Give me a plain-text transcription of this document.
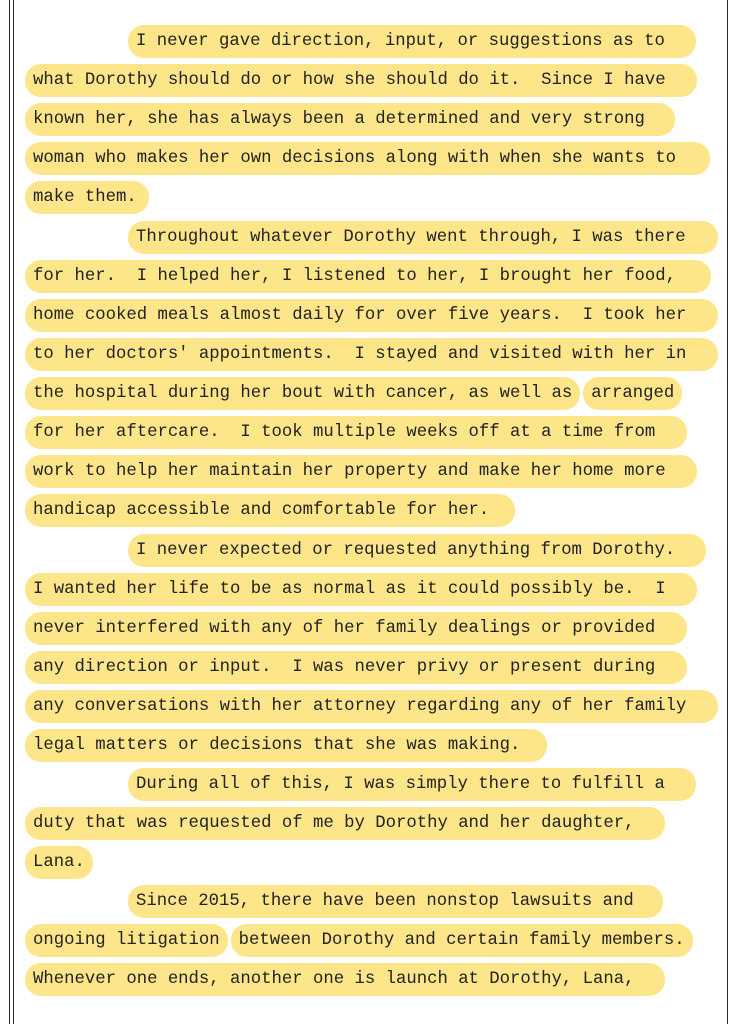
I never gave direction, input, or suggestions as to
what Dorothy should do or how she should do it.  Since I have
known her, she has always been a determined and very strong
woman who makes her own decisions along with when she wants to
make them.
Throughout whatever Dorothy went through, I was there
for her.  I helped her, I listened to her, I brought her food,
home cooked meals almost daily for over five years.  I took her
to her doctors' appointments.  I stayed and visited with her in
the hospital during her bout with cancer, as well as	arranged
for her aftercare.  I took multiple weeks off at a time from
work to help her maintain her property and make her home more
handicap accessible and comfortable for her.
I never expected or requested anything from Dorothy.
I wanted her life to be as normal as it could possibly be.  I
never interfered with any of her family dealings or provided
any direction or input.  I was never privy or present during
any conversations with her attorney regarding any of her family
legal matters or decisions that she was making.
During all of this, I was simply there to fulfill a
duty that was requested of me by Dorothy and her daughter,
Lana.
Since 2015, there have been nonstop lawsuits and
ongoing litigation	between Dorothy and certain family members.
Whenever one ends, another one is launch at Dorothy, Lana,
